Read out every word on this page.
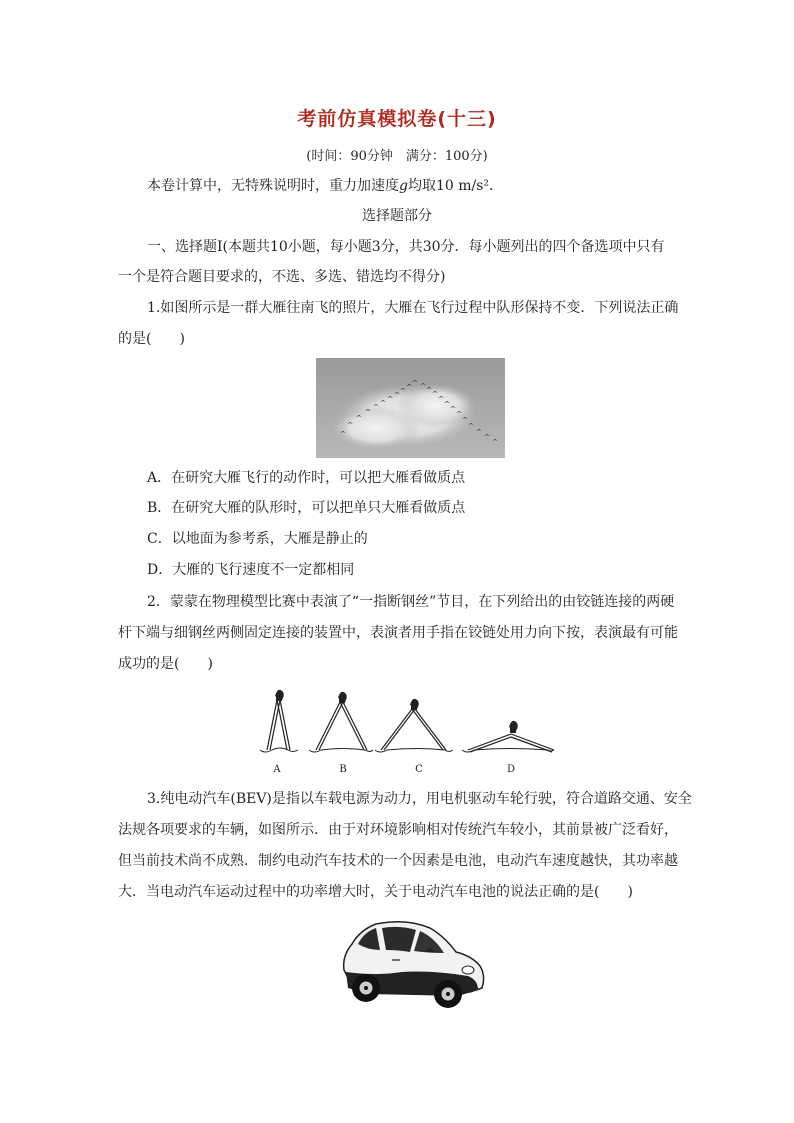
考前仿真模拟卷(十三)
(时间：90分钟　满分：100分)
本卷计算中，无特殊说明时，重力加速度g均取10 m/s²．
选择题部分
一、选择题Ⅰ(本题共10小题，每小题3分，共30分．每小题列出的四个备选项中只有
一个是符合题目要求的，不选、多选、错选均不得分)
1.如图所示是一群大雁往南飞的照片，大雁在飞行过程中队形保持不变．下列说法正确
的是(　　)
A．在研究大雁飞行的动作时，可以把大雁看做质点
B．在研究大雁的队形时，可以把单只大雁看做质点
C．以地面为参考系，大雁是静止的
D．大雁的飞行速度不一定都相同
2．蒙蒙在物理模型比赛中表演了“一指断钢丝”节目，在下列给出的由铰链连接的两硬
杆下端与细钢丝两侧固定连接的装置中，表演者用手指在铰链处用力向下按，表演最有可能
成功的是(　　)
A	B	C	D
3.纯电动汽车(BEV)是指以车载电源为动力，用电机驱动车轮行驶，符合道路交通、安全
法规各项要求的车辆，如图所示．由于对环境影响相对传统汽车较小，其前景被广泛看好，
但当前技术尚不成熟．制约电动汽车技术的一个因素是电池，电动汽车速度越快，其功率越
大．当电动汽车运动过程中的功率增大时，关于电动汽车电池的说法正确的是(　　)
